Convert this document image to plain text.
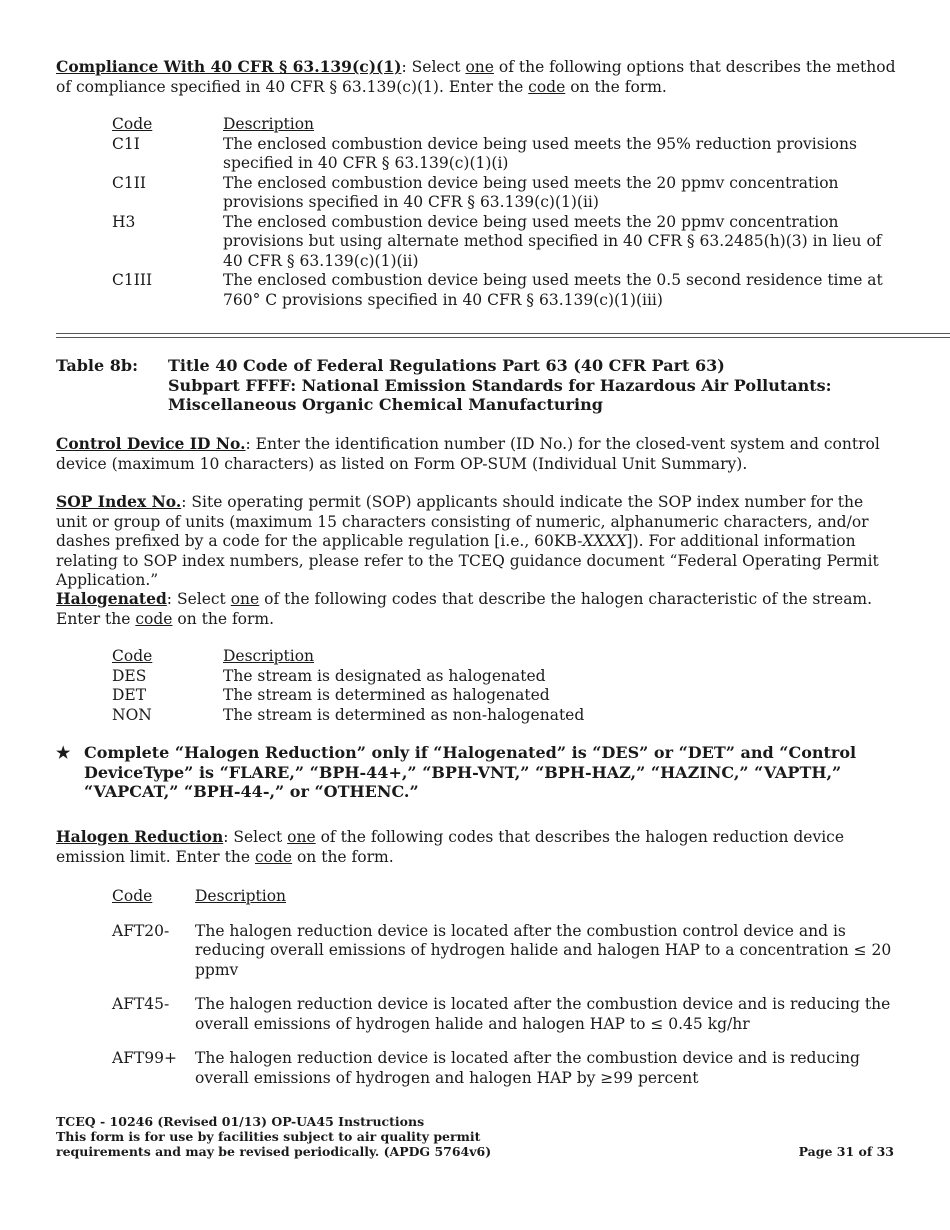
Compliance With 40 CFR § 63.139(c)(1): Select one of the following options that describes the method of compliance specified in 40 CFR § 63.139(c)(1). Enter the code on the form.
Code	Description
C1I	The enclosed combustion device being used meets the 95% reduction provisions specified in 40 CFR § 63.139(c)(1)(i)
C1II	The enclosed combustion device being used meets the 20 ppmv concentration provisions specified in 40 CFR § 63.139(c)(1)(ii)
H3	The enclosed combustion device being used meets the 20 ppmv concentration provisions but using alternate method specified in 40 CFR § 63.2485(h)(3) in lieu of 40 CFR § 63.139(c)(1)(ii)
C1III	The enclosed combustion device being used meets the 0.5 second residence time at 760° C provisions specified in 40 CFR § 63.139(c)(1)(iii)
Table 8b:	Title 40 Code of Federal Regulations Part 63 (40 CFR Part 63)
Subpart FFFF: National Emission Standards for Hazardous Air Pollutants:
Miscellaneous Organic Chemical Manufacturing
Control Device ID No.: Enter the identification number (ID No.) for the closed-vent system and control device (maximum 10 characters) as listed on Form OP-SUM (Individual Unit Summary).
SOP Index No.: Site operating permit (SOP) applicants should indicate the SOP index number for the unit or group of units (maximum 15 characters consisting of numeric, alphanumeric characters, and/or dashes prefixed by a code for the applicable regulation [i.e., 60KB-XXXX]). For additional information relating to SOP index numbers, please refer to the TCEQ guidance document “Federal Operating Permit Application.”
Halogenated: Select one of the following codes that describe the halogen characteristic of the stream. Enter the code on the form.
Code	Description
DES	The stream is designated as halogenated
DET	The stream is determined as halogenated
NON	The stream is determined as non-halogenated
★ Complete “Halogen Reduction” only if “Halogenated” is “DES” or “DET” and “Control DeviceType” is “FLARE,” “BPH-44+,” “BPH-VNT,” “BPH-HAZ,” “HAZINC,” “VAPTH,” “VAPCAT,” “BPH-44-,” or “OTHENC.”
Halogen Reduction: Select one of the following codes that describes the halogen reduction device emission limit. Enter the code on the form.
Code	Description
AFT20-	The halogen reduction device is located after the combustion control device and is reducing overall emissions of hydrogen halide and halogen HAP to a concentration ≤ 20 ppmv
AFT45-	The halogen reduction device is located after the combustion device and is reducing the overall emissions of hydrogen halide and halogen HAP to ≤ 0.45 kg/hr
AFT99+	The halogen reduction device is located after the combustion device and is reducing overall emissions of hydrogen and halogen HAP by ≥99 percent
TCEQ - 10246 (Revised 01/13) OP-UA45 Instructions
This form is for use by facilities subject to air quality permit
requirements and may be revised periodically. (APDG 5764v6)	Page 31 of 33
